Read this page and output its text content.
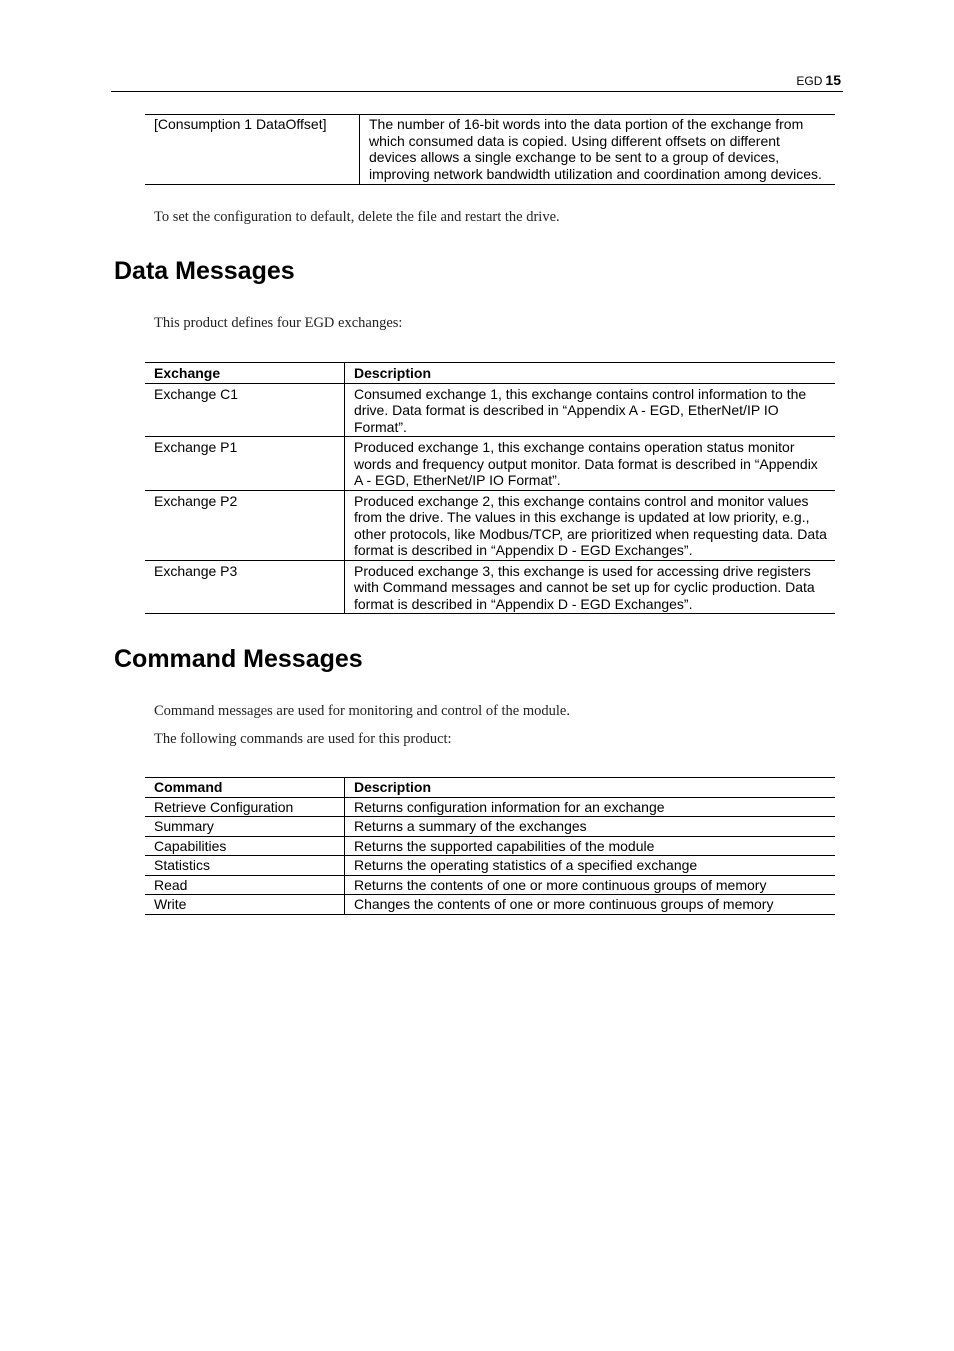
EGD 15
[Consumption 1 DataOffset]	The number of 16-bit words into the data portion of the exchange from which consumed data is copied. Using different offsets on different devices allows a single exchange to be sent to a group of devices, improving network bandwidth utilization and coordination among devices.
To set the configuration to default, delete the file and restart the drive.
Data Messages
This product defines four EGD exchanges:
Exchange	Description
Exchange C1	Consumed exchange 1, this exchange contains control information to the drive. Data format is described in “Appendix A - EGD, EtherNet/IP IO Format”.
Exchange P1	Produced exchange 1, this exchange contains operation status monitor words and frequency output monitor. Data format is described in “Appendix A - EGD, EtherNet/IP IO Format”.
Exchange P2	Produced exchange 2, this exchange contains control and monitor values from the drive. The values in this exchange is updated at low priority, e.g., other protocols, like Modbus/TCP, are prioritized when requesting data. Data format is described in “Appendix D - EGD Exchanges”.
Exchange P3	Produced exchange 3, this exchange is used for accessing drive registers with Command messages and cannot be set up for cyclic production. Data format is described in “Appendix D - EGD Exchanges”.
Command Messages
Command messages are used for monitoring and control of the module.
The following commands are used for this product:
Command	Description
Retrieve Configuration	Returns configuration information for an exchange
Summary	Returns a summary of the exchanges
Capabilities	Returns the supported capabilities of the module
Statistics	Returns the operating statistics of a specified exchange
Read	Returns the contents of one or more continuous groups of memory
Write	Changes the contents of one or more continuous groups of memory
